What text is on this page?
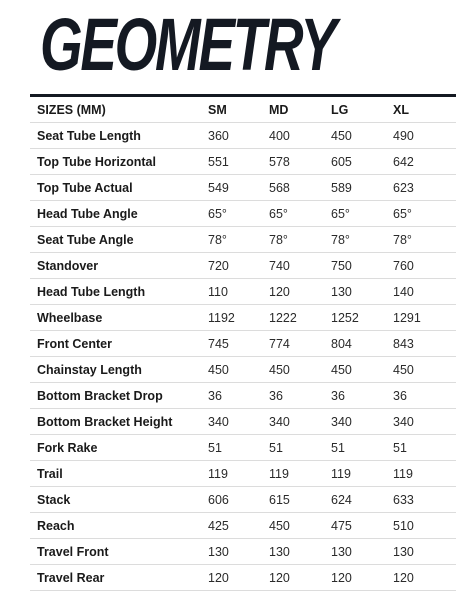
GEOMETRY
SIZES (MM)	SM	MD	LG	XL
Seat Tube Length	360	400	450	490
Top Tube Horizontal	551	578	605	642
Top Tube Actual	549	568	589	623
Head Tube Angle	65°	65°	65°	65°
Seat Tube Angle	78°	78°	78°	78°
Standover	720	740	750	760
Head Tube Length	110	120	130	140
Wheelbase	1192	1222	1252	1291
Front Center	745	774	804	843
Chainstay Length	450	450	450	450
Bottom Bracket Drop	36	36	36	36
Bottom Bracket Height	340	340	340	340
Fork Rake	51	51	51	51
Trail	119	119	119	119
Stack	606	615	624	633
Reach	425	450	475	510
Travel Front	130	130	130	130
Travel Rear	120	120	120	120
